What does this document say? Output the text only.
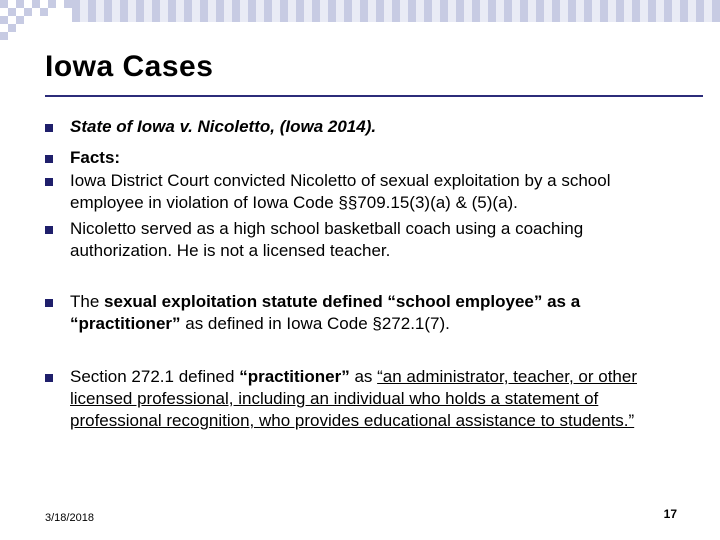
Iowa Cases
State of Iowa v. Nicoletto, (Iowa 2014).
Facts:
Iowa District Court convicted Nicoletto of sexual exploitation by a school employee in violation of Iowa Code §§709.15(3)(a) & (5)(a).
Nicoletto served as a high school basketball coach using a coaching authorization. He is not a licensed teacher.
The sexual exploitation statute defined “school employee” as a “practitioner” as defined in Iowa Code §272.1(7).
Section 272.1 defined “practitioner” as “an administrator, teacher, or other licensed professional, including an individual who holds a statement of professional recognition, who provides educational assistance to students.”
3/18/2018	17
